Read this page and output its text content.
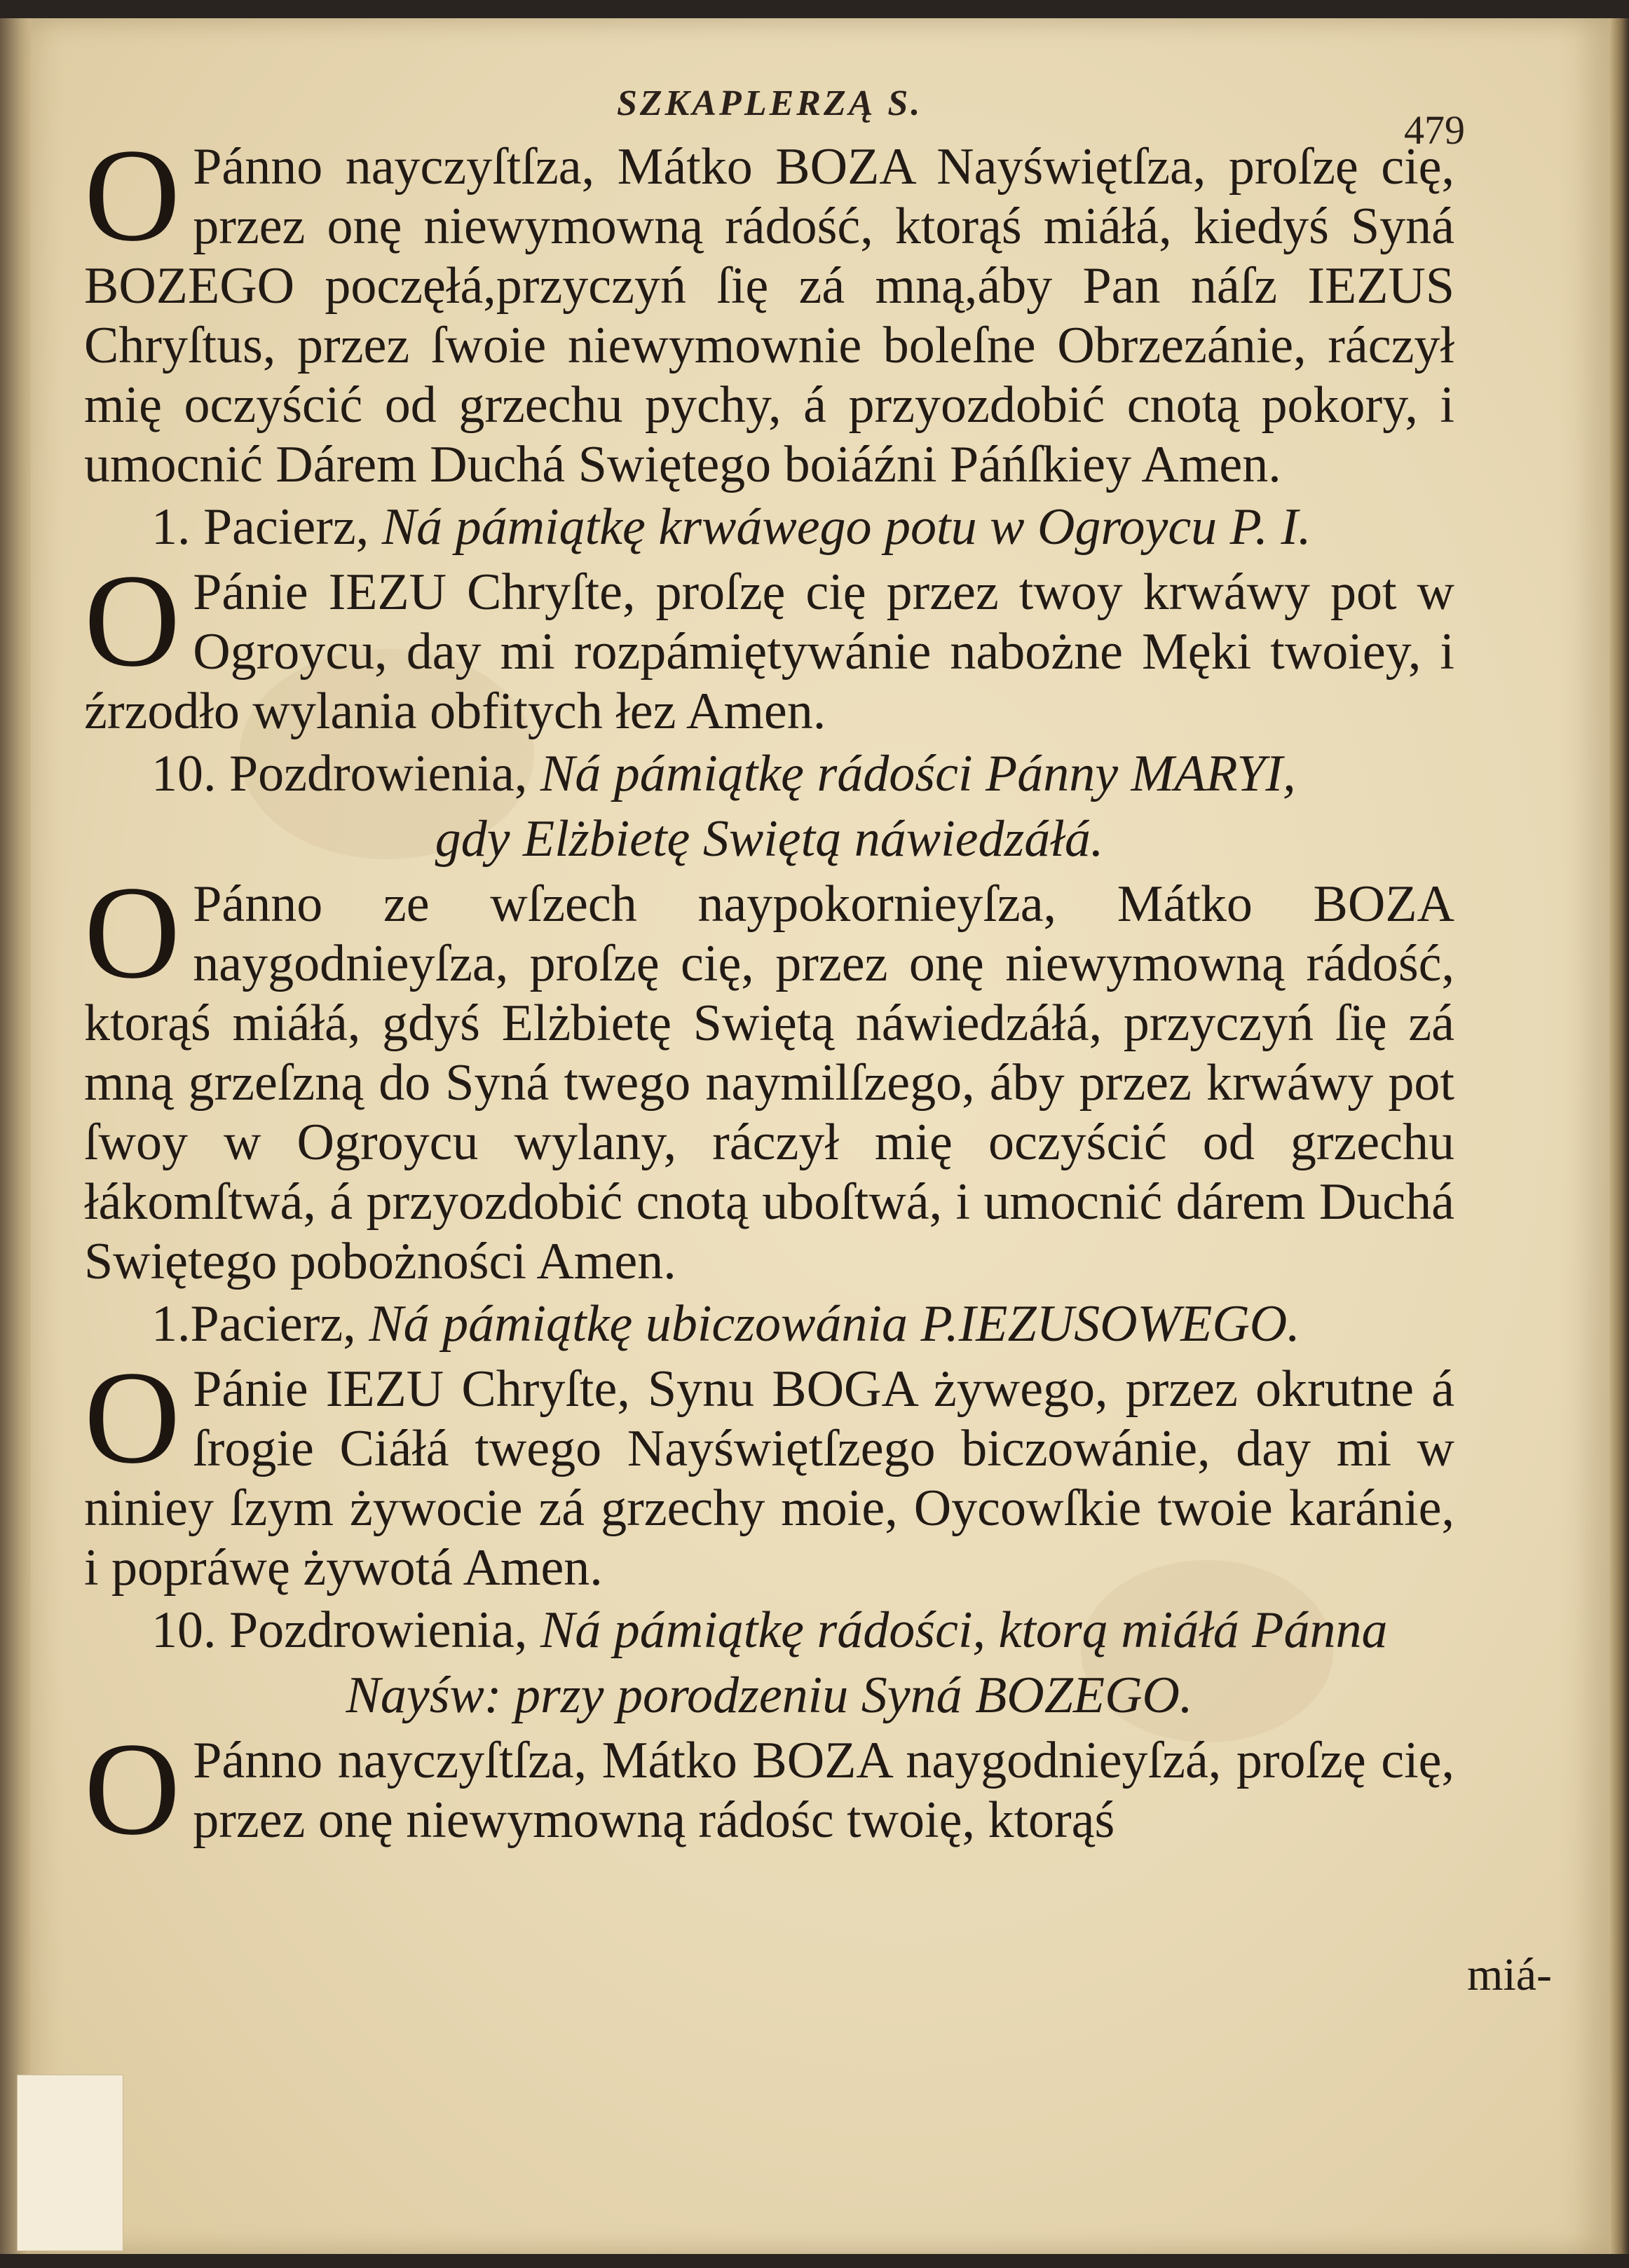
SZKAPLERZĄ S.
479

OPánno nayczyſtſza, Mátko BOZA Nayświętſza, proſzę cię, przez onę niewymowną rádość, ktorąś miáłá, kiedyś Syná BOZEGO poczęłá,przyczyń ſię zá mną,áby Pan náſz IEZUS Chryſtus, przez ſwoie niewymownie boleſne Obrzezánie, ráczył mię oczyścić od grzechu pychy, á przyozdobić cnotą pokory, i umocnić Dárem Duchá Swiętego boiáźni Páńſkiey Amen.

1. Pacierz, Ná pámiątkę krwáwego potu w Ogroycu P. I.

OPánie IEZU Chryſte, proſzę cię przez twoy krwáwy pot w Ogroycu, day mi rozpámiętywánie nabożne Męki twoiey, i źrzodło wylania obfitych łez Amen.

10. Pozdrowienia, Ná pámiątkę rádości Pánny MARYI,
gdy Elżbietę Swiętą náwiedzáłá.

OPánno ze wſzech naypokornieyſza, Mátko BOZA naygodnieyſza, proſzę cię, przez onę niewymowną rádość, ktorąś miáłá, gdyś Elżbietę Swiętą náwiedzáłá, przyczyń ſię zá mną grzeſzną do Syná twego naymilſzego, áby przez krwáwy pot ſwoy w Ogroycu wylany, ráczył mię oczyścić od grzechu łákomſtwá, á przyozdobić cnotą uboſtwá, i umocnić dárem Duchá Swiętego pobożności Amen.

1.Pacierz, Ná pámiątkę ubiczowánia P.IEZUSOWEGO.

OPánie IEZU Chryſte, Synu BOGA żywego, przez okrutne á ſrogie Ciáłá twego Nayświętſzego biczowánie, day mi w niniey ſzym żywocie zá grzechy moie, Oycowſkie twoie karánie, i popráwę żywotá Amen.

10. Pozdrowienia, Ná pámiątkę rádości, ktorą miáłá Pánna
Nayśw: przy porodzeniu Syná BOZEGO.

OPánno nayczyſtſza, Mátko BOZA naygodnieyſzá, proſzę cię, przez onę niewymowną rádośc twoię, ktorąś

miá-
